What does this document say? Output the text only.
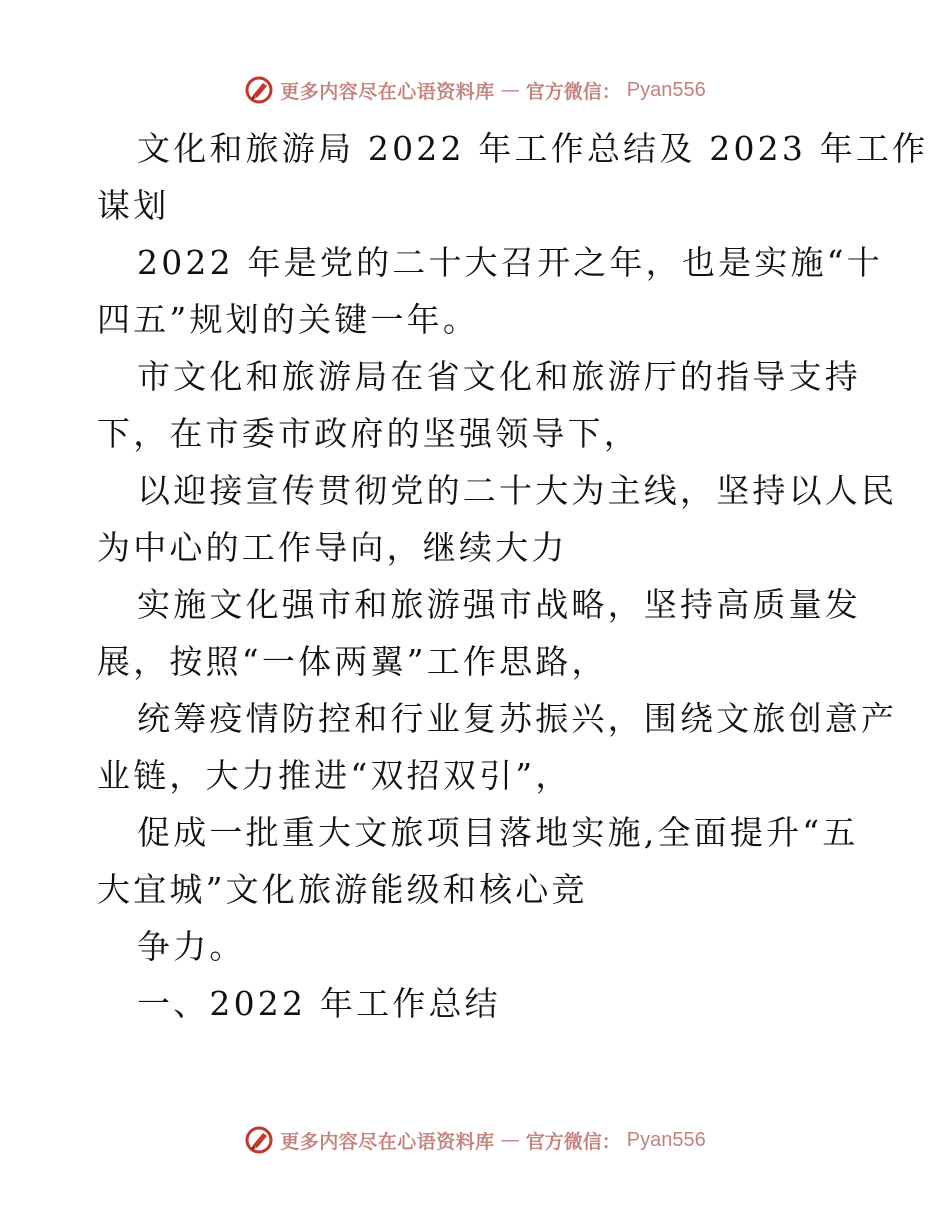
更多内容尽在心语资料库 — 官方微信： Pyan556

文化和旅游局 2022 年工作总结及 2023 年工作
谋划

2022 年是党的二十大召开之年，也是实施“十
四五”规划的关键一年。

市文化和旅游局在省文化和旅游厅的指导支持
下，在市委市政府的坚强领导下，

以迎接宣传贯彻党的二十大为主线，坚持以人民
为中心的工作导向，继续大力

实施文化强市和旅游强市战略，坚持高质量发
展，按照“一体两翼”工作思路，

统筹疫情防控和行业复苏振兴，围绕文旅创意产
业链，大力推进“双招双引”，

促成一批重大文旅项目落地实施,全面提升“五
大宜城”文化旅游能级和核心竞

争力。

一、2022 年工作总结

更多内容尽在心语资料库 — 官方微信： Pyan556
